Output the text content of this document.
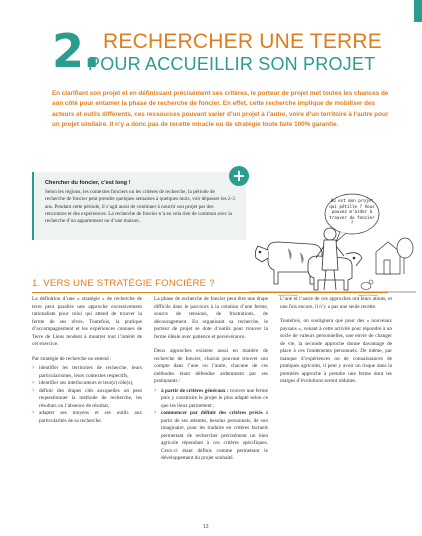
2. RECHERCHER UNE TERRE
POUR ACCUEILLIR SON PROJET
En clarifiant son projet et en définissant précisément ses critères, le porteur de projet met toutes les chances de son côté pour entamer la phase de recherche de foncier. En effet, cette recherche implique de mobiliser des acteurs et outils différents, ces ressources pouvant varier d’un projet à l’autre, voire d’un territoire à l’autre pour un projet similaire. Il n’y a donc pas de recette miracle ou de stratégie toute faite 100% garantie.
+
Chercher du foncier, c’est long !
Selon les régions, les contextes fonciers ou les critères de recherche, la période de recherche de foncier peut prendre quelques semaines à quelques mois, voir dépasser les 2-3 ans. Pendant cette période, il s’agit aussi de continuer à nourrir son projet par des rencontres et des expériences. La recherche de foncier n’a en cela rien de commun avec la recherche d’un appartement ou d’une maison.
Où est mon projet qui pétille ? Vous pouvez m'aider à trouver du foncier ?
1. VERS UNE STRATÉGIE FONCIÈRE ?

La définition d’une « stratégie » de recherche de terre peut paraître une approche excessivement rationaliste pour celui qui attend de trouver la ferme de ses rêves. Toutefois, la pratique d’accompagnement et les expériences connues de Terre de Liens tendent à montrer tout l’intérêt de cet exercice.

Par stratégie de recherche on entend :

› identifier les territoires de recherche, leurs particularismes, leurs contextes respectifs,
› identifier ses interlocuteurs et leur(s) rôle(s),
› définir des étapes clés auxquelles on peut requestionner la méthode de recherche, les résultats ou l’absence de résultat,
› adapter ses moyens et ses outils aux particularités de sa recherche.

La phase de recherche de foncier peut être une étape difficile dans le parcours à la création d’une ferme, source de tensions, de frustrations, de découragement. En organisant sa recherche, le porteur de projet se dote d’outils pour trouver la ferme idéale avec patience et persévérance.

Deux approches existent aussi en matière de recherche de foncier, chacun pouvant trouver son compte dans l’une ou l’autre, chacune de ces méthodes étant défendue ardemment par ses pratiquants :

› à partir de critères généraux : trouver une ferme puis y construire le projet le plus adapté selon ce que les lieux permettent ;
› commencer par définir des critères précis à partir de ses attentes, besoins personnels, de son imaginaire, pour les traduire en critères factuels permettant de rechercher précisément un bien agricole répondant à ces critères spécifiques. Ceux-ci étant définis comme permettant le développement du projet souhaité.

L’une et l’autre de ces approches ont leurs atouts, et une fois encore, il n’y a pas une seule recette.

Toutefois, on soulignera que pour des « nouveaux paysans », venant à cette activité pour répondre à un socle de valeurs personnelles, une envie de changer de vie, la seconde approche donne davantage de place à ces fondements personnels. De même, par manque d’expériences ou de connaissances de pratiques agricoles, il peut y avoir un risque dans la première approche à prendre une ferme dont les marges d’évolutions seront réduites.

13
